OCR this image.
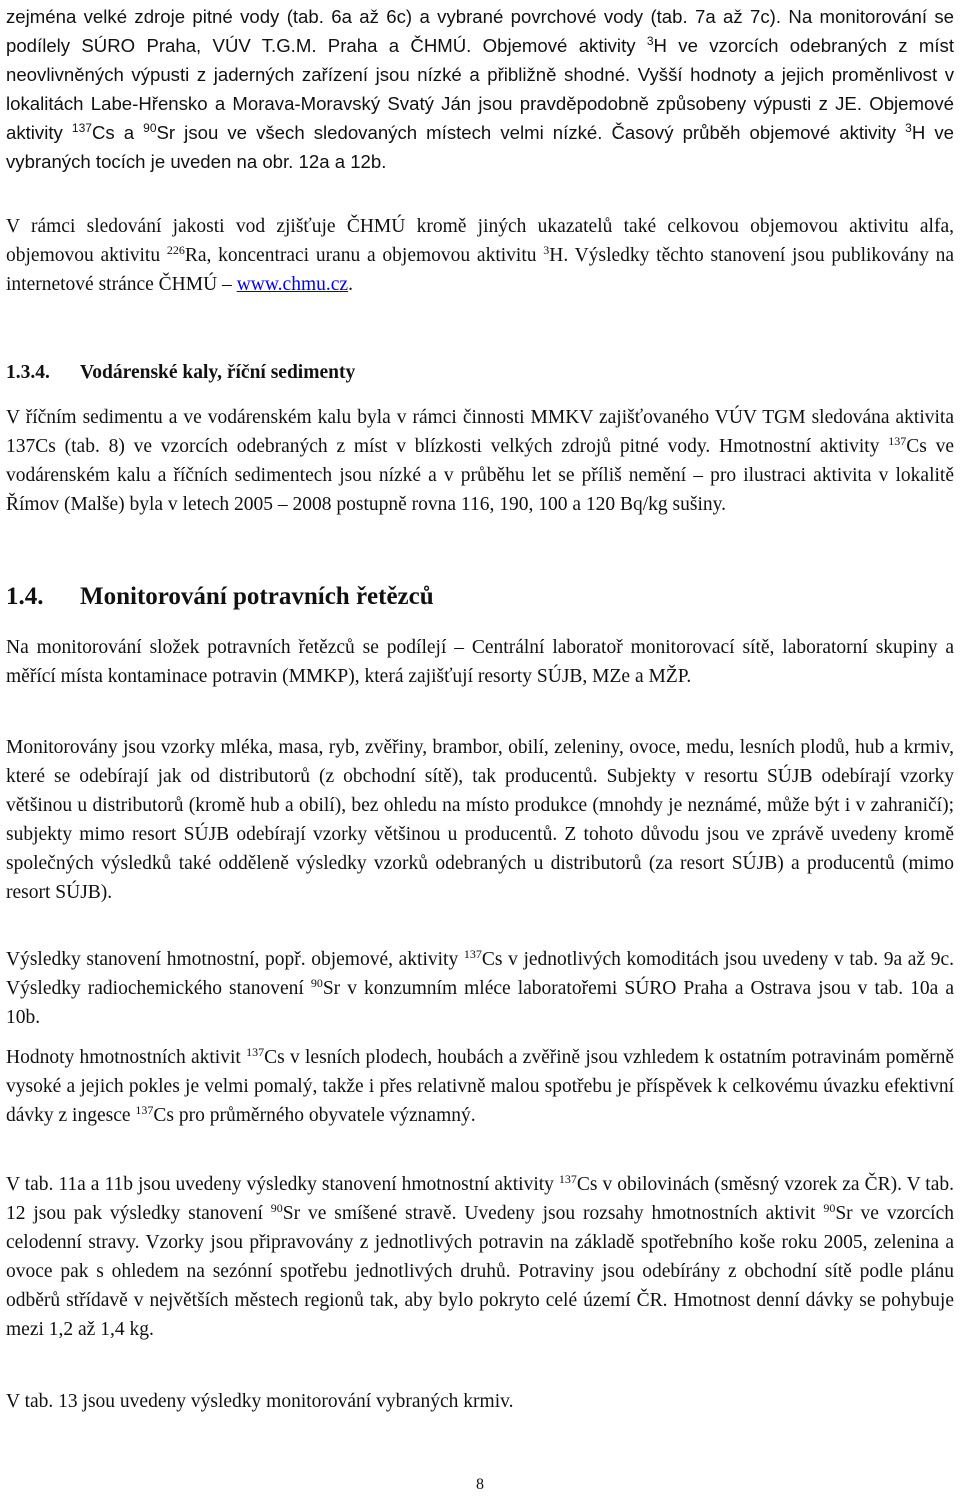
zejména velké zdroje pitné vody (tab. 6a až 6c) a vybrané povrchové vody (tab. 7a až 7c). Na monitorování se podílely SÚRO Praha, VÚV T.G.M. Praha a ČHMÚ. Objemové aktivity $^3$H ve vzorcích odebraných z míst neovlivněných výpusti z jaderných zařízení jsou nízké a přibližně shodné. Vyšší hodnoty a jejich proměnlivost v lokalitách Labe-Hřensko a Morava-Moravský Svatý Ján jsou pravděpodobně způsobeny výpusti z JE. Objemové aktivity $^{137}$Cs a $^{90}$Sr jsou ve všech sledovaných místech velmi nízké. Časový průběh objemové aktivity $^3$H ve vybraných tocích je uveden na obr. 12a a 12b.

V rámci sledování jakosti vod zjišťuje ČHMÚ kromě jiných ukazatelů také celkovou objemovou aktivitu alfa, objemovou aktivitu $^{226}$Ra, koncentraci uranu a objemovou aktivitu $^3$H. Výsledky těchto stanovení jsou publikovány na internetové stránce ČHMÚ – www.chmu.cz.

1.3.4. Vodárenské kaly, říční sedimenty

V říčním sedimentu a ve vodárenském kalu byla v rámci činnosti MMKV zajišťovaného VÚV TGM sledována aktivita 137Cs (tab. 8) ve vzorcích odebraných z míst v blízkosti velkých zdrojů pitné vody. Hmotnostní aktivity $^{137}$Cs ve vodárenském kalu a říčních sedimentech jsou nízké a v průběhu let se příliš nemění – pro ilustraci aktivita v lokalitě Římov (Malše) byla v letech 2005 – 2008 postupně rovna 116, 190, 100 a 120 Bq/kg sušiny.

1.4. Monitorování potravních řetězců

Na monitorování složek potravních řetězců se podílejí – Centrální laboratoř monitorovací sítě, laboratorní skupiny a měřící místa kontaminace potravin (MMKP), která zajišťují resorty SÚJB, MZe a MŽP.

Monitorovány jsou vzorky mléka, masa, ryb, zvěřiny, brambor, obilí, zeleniny, ovoce, medu, lesních plodů, hub a krmiv, které se odebírají jak od distributorů (z obchodní sítě), tak producentů. Subjekty v resortu SÚJB odebírají vzorky většinou u distributorů (kromě hub a obilí), bez ohledu na místo produkce (mnohdy je neznámé, může být i v zahraničí); subjekty mimo resort SÚJB odebírají vzorky většinou u producentů. Z tohoto důvodu jsou ve zprávě uvedeny kromě společných výsledků také odděleně výsledky vzorků odebraných u distributorů (za resort SÚJB) a producentů (mimo resort SÚJB).

Výsledky stanovení hmotnostní, popř. objemové, aktivity $^{137}$Cs v jednotlivých komoditách jsou uvedeny v tab. 9a až 9c. Výsledky radiochemického stanovení $^{90}$Sr v konzumním mléce laboratořemi SÚRO Praha a Ostrava jsou v tab. 10a a 10b.

Hodnoty hmotnostních aktivit $^{137}$Cs v lesních plodech, houbách a zvěřině jsou vzhledem k ostatním potravinám poměrně vysoké a jejich pokles je velmi pomalý, takže i přes relativně malou spotřebu je příspěvek k celkovému úvazku efektivní dávky z ingesce $^{137}$Cs pro průměrného obyvatele významný.

V tab. 11a a 11b jsou uvedeny výsledky stanovení hmotnostní aktivity $^{137}$Cs v obilovinách (směsný vzorek za ČR). V tab. 12 jsou pak výsledky stanovení $^{90}$Sr ve smíšené stravě. Uvedeny jsou rozsahy hmotnostních aktivit $^{90}$Sr ve vzorcích celodenní stravy. Vzorky jsou připravovány z jednotlivých potravin na základě spotřebního koše roku 2005, zelenina a ovoce pak s ohledem na sezónní spotřebu jednotlivých druhů. Potraviny jsou odebírány z obchodní sítě podle plánu odběrů střídavě v největších městech regionů tak, aby bylo pokryto celé území ČR. Hmotnost denní dávky se pohybuje mezi 1,2 až 1,4 kg.

V tab. 13 jsou uvedeny výsledky monitorování vybraných krmiv.

8
